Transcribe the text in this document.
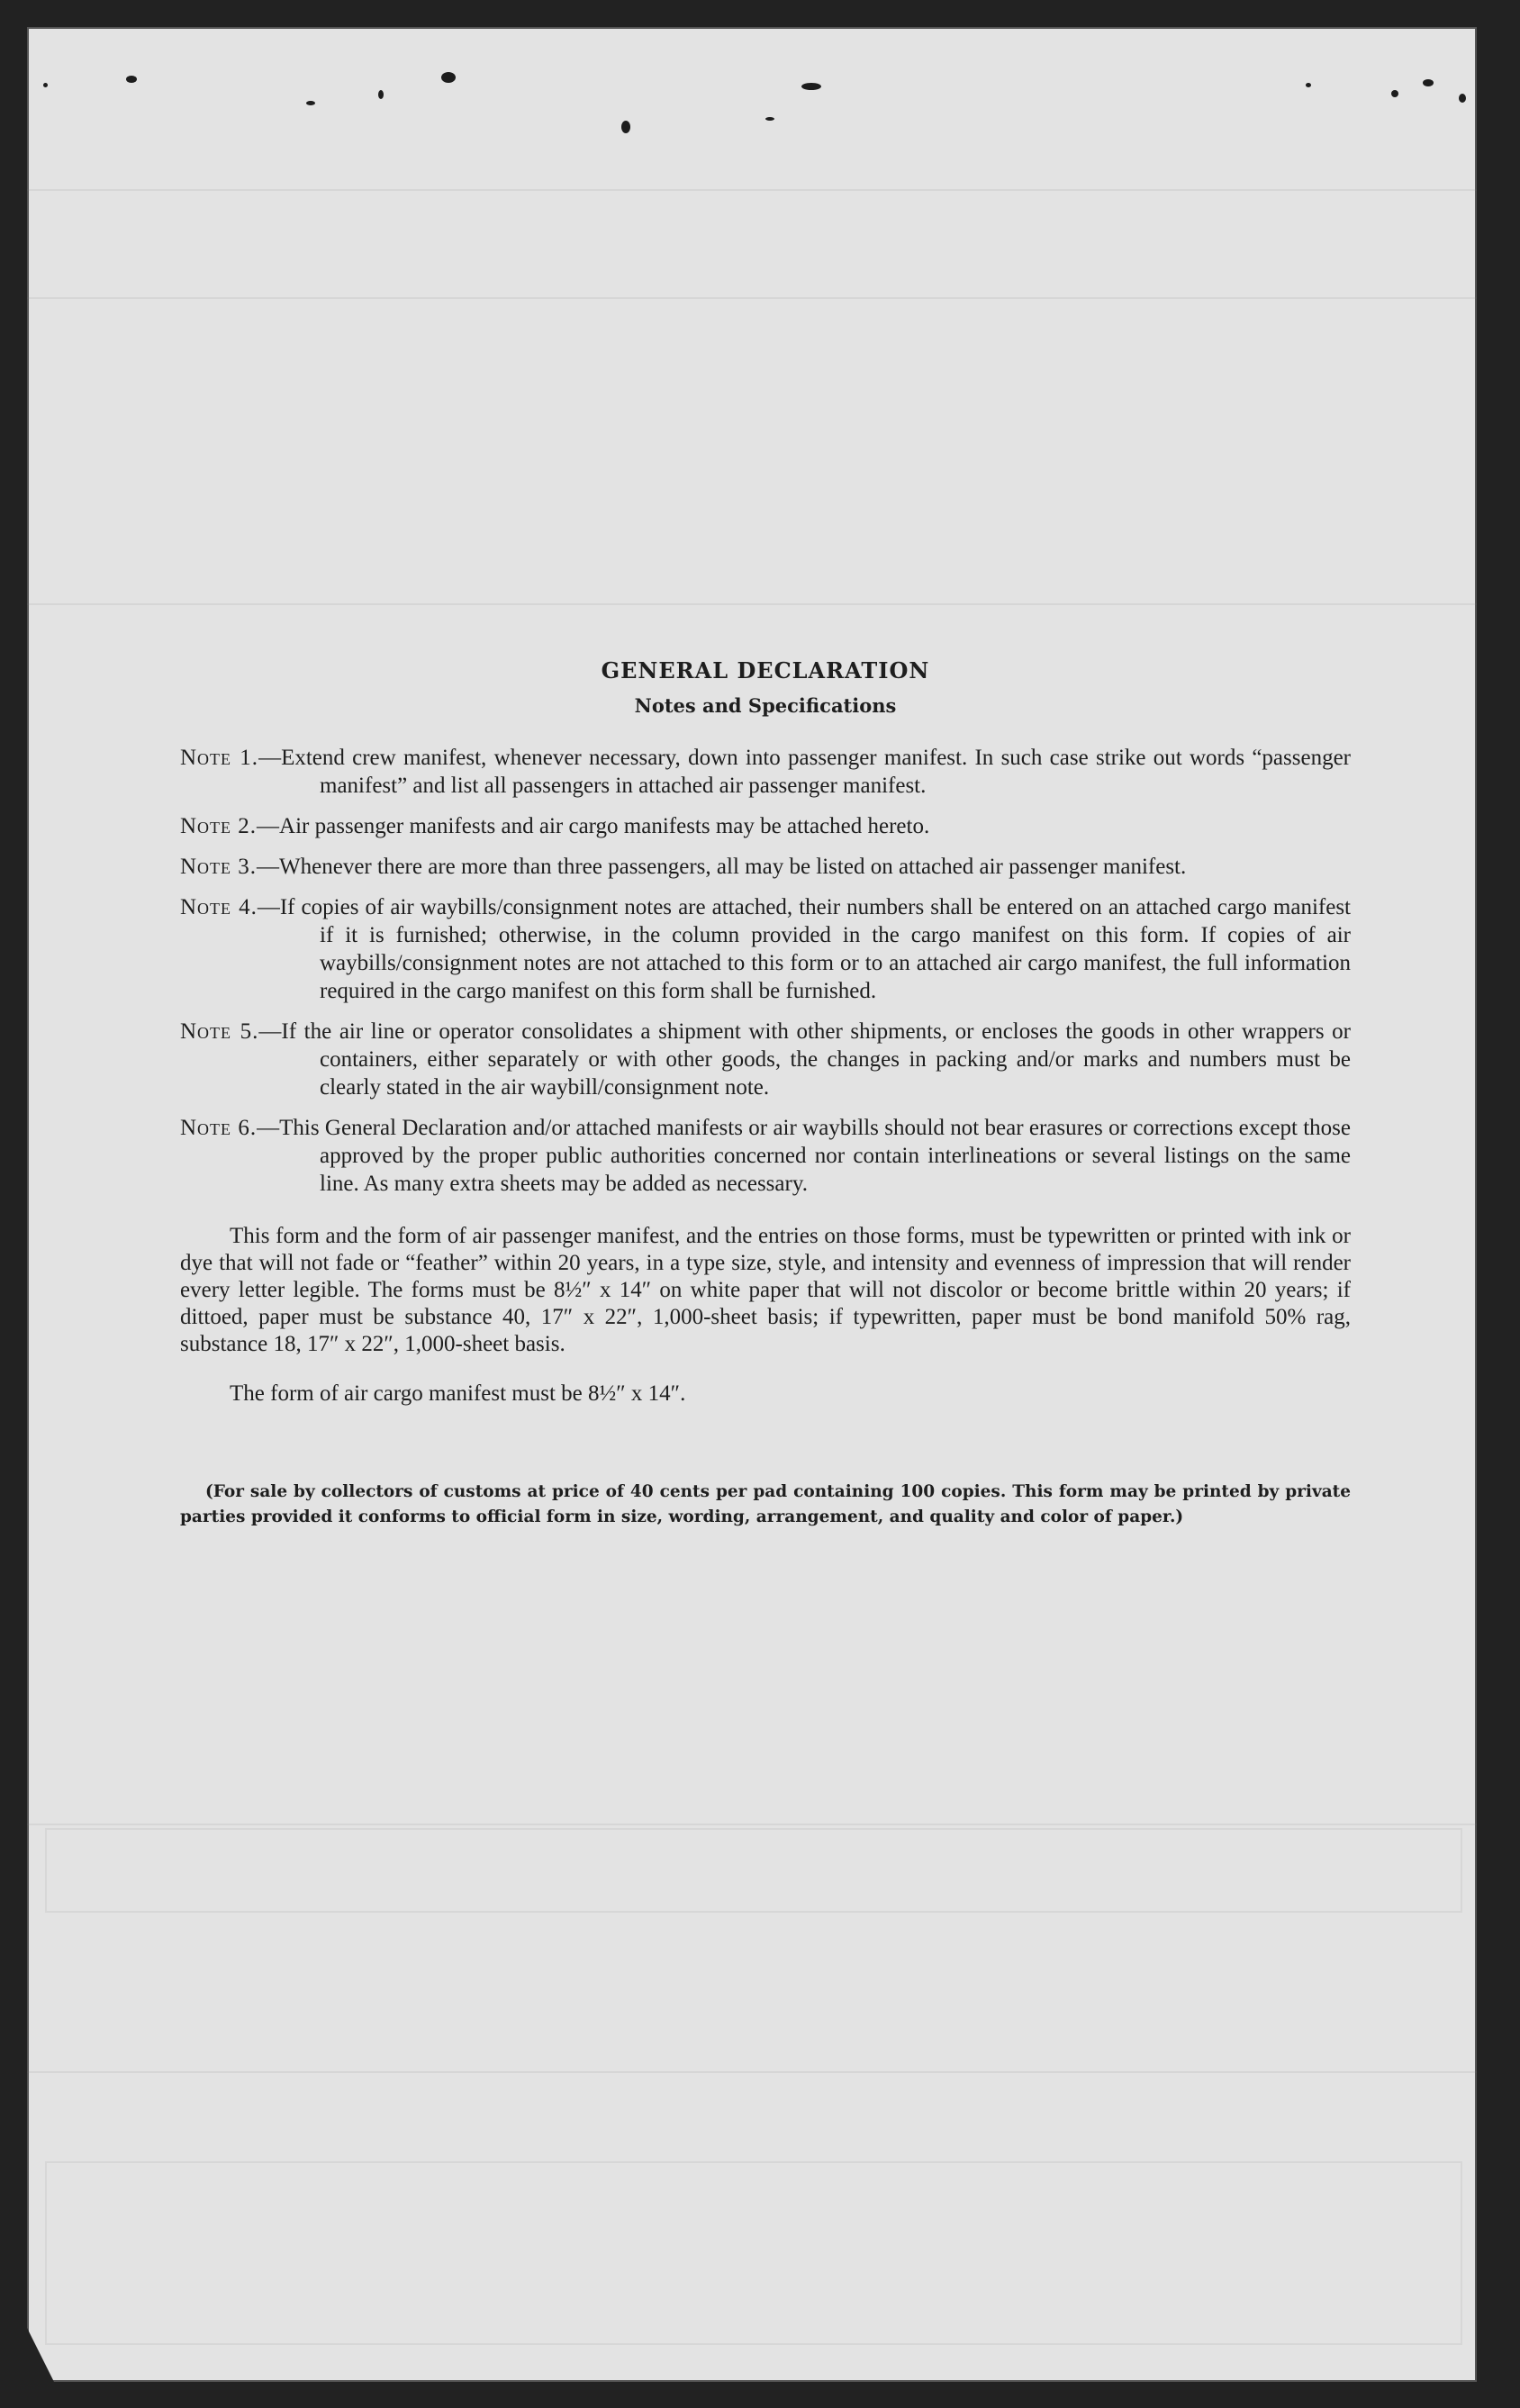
GENERAL DECLARATION
Notes and Specifications
Note 1.—Extend crew manifest, whenever necessary, down into passenger manifest. In such case strike out words “passenger manifest” and list all passengers in attached air passenger manifest.
Note 2.—Air passenger manifests and air cargo manifests may be attached hereto.
Note 3.—Whenever there are more than three passengers, all may be listed on attached air passenger manifest.
Note 4.—If copies of air waybills/consignment notes are attached, their numbers shall be entered on an attached cargo manifest if it is furnished; otherwise, in the column provided in the cargo manifest on this form. If copies of air waybills/consignment notes are not attached to this form or to an attached air cargo manifest, the full information required in the cargo manifest on this form shall be furnished.
Note 5.—If the air line or operator consolidates a shipment with other shipments, or encloses the goods in other wrappers or containers, either separately or with other goods, the changes in packing and/or marks and numbers must be clearly stated in the air waybill/consignment note.
Note 6.—This General Declaration and/or attached manifests or air waybills should not bear erasures or corrections except those approved by the proper public authorities concerned nor contain interlineations or several listings on the same line. As many extra sheets may be added as necessary.

This form and the form of air passenger manifest, and the entries on those forms, must be typewritten or printed with ink or dye that will not fade or “feather” within 20 years, in a type size, style, and intensity and evenness of impression that will render every letter legible. The forms must be 8½″ x 14″ on white paper that will not discolor or become brittle within 20 years; if dittoed, paper must be substance 40, 17″ x 22″, 1,000-sheet basis; if typewritten, paper must be bond manifold 50% rag, substance 18, 17″ x 22″, 1,000-sheet basis.

The form of air cargo manifest must be 8½″ x 14″.

(For sale by collectors of customs at price of 40 cents per pad containing 100 copies. This form may be printed by private parties provided it conforms to official form in size, wording, arrangement, and quality and color of paper.)
